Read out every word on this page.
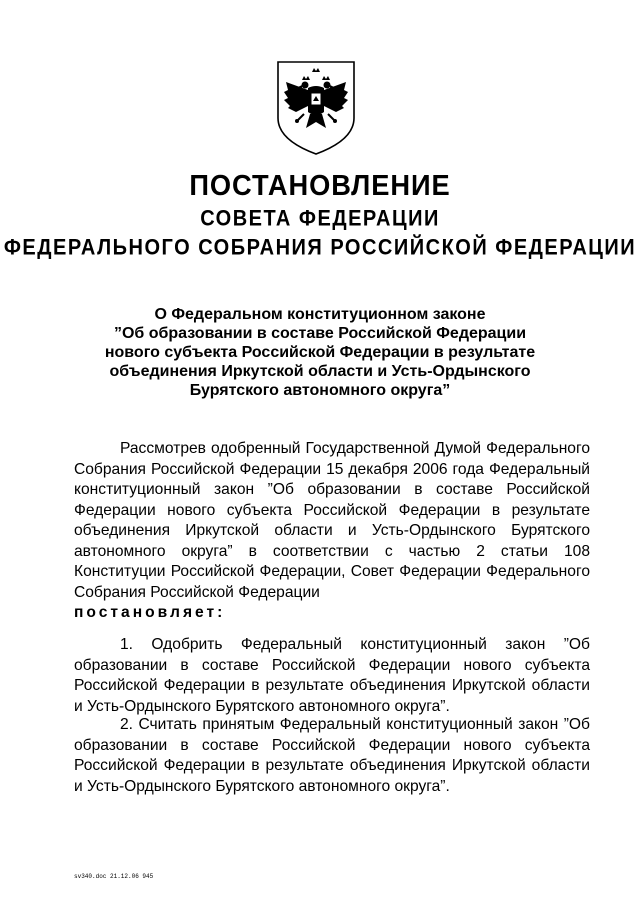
ПОСТАНОВЛЕНИЕ
СОВЕТА ФЕДЕРАЦИИ
ФЕДЕРАЛЬНОГО СОБРАНИЯ РОССИЙСКОЙ ФЕДЕРАЦИИ
О Федеральном конституционном законе
”Об образовании в составе Российской Федерации
нового субъекта Российской Федерации в результате
объединения Иркутской области и Усть-Ордынского
Бурятского автономного округа”
Рассмотрев одобренный Государственной Думой Федерального Собрания Российской Федерации 15 декабря 2006 года Федеральный конституционный закон ”Об образовании в составе Российской Федерации нового субъекта Российской Федерации в результате объединения Иркутской области и Усть-Ордынского Бурятского автономного округа” в соответствии с частью 2 статьи 108 Конституции Российской Федерации, Совет Федерации Федерального Собрания Российской Федерации
постановляет:
1. Одобрить Федеральный конституционный закон ”Об образовании в составе Российской Федерации нового субъекта Российской Федерации в результате объединения Иркутской области и Усть-Ордынского Бурятского автономного округа”.
2. Считать принятым Федеральный конституционный закон ”Об образовании в составе Российской Федерации нового субъекта Российской Федерации в результате объединения Иркутской области и Усть-Ордынского Бурятского автономного округа”.
sv340.doc 21.12.06 945
